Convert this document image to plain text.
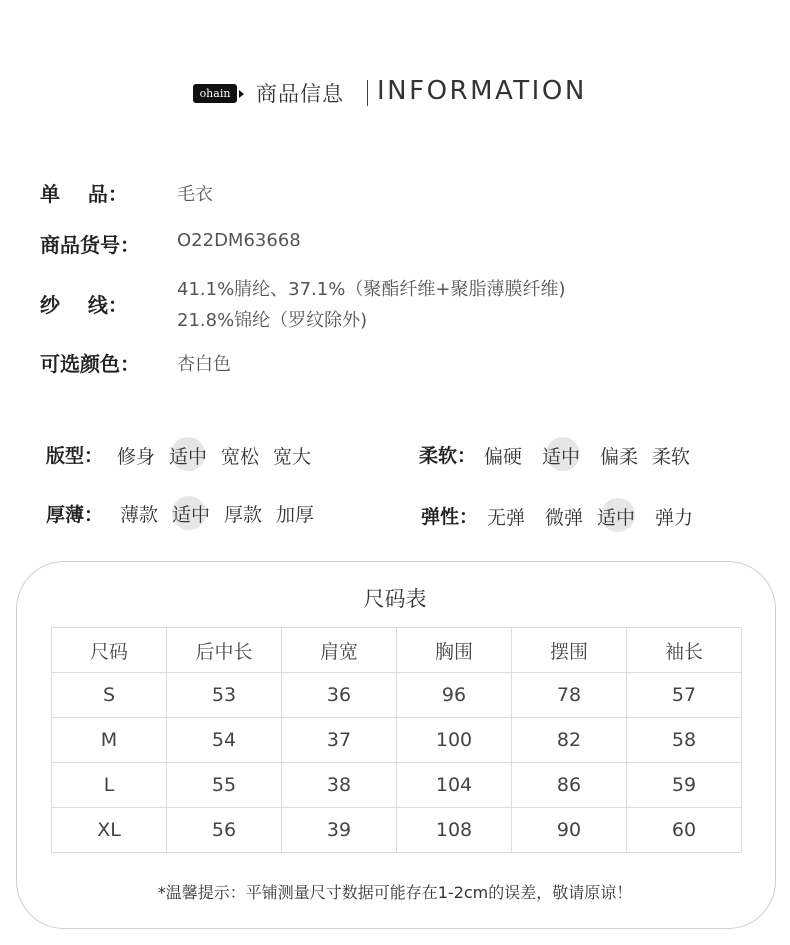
ohain	商品信息 INFORMATION
单    品：	毛衣
商品货号： O22DM63668
纱    线：
41.1%腈纶、37.1%（聚酯纤维+聚脂薄膜纤维)
21.8%锦纶（罗纹除外)
可选颜色： 杏白色
版型： 修身 适中 宽松 宽大	柔软： 偏硬 适中 偏柔 柔软
厚薄： 薄款 适中 厚款 加厚	弹性： 无弹 微弹 适中 弹力
尺码表
尺码	后中长	肩宽	胸围	摆围	袖长
S	53	36	96	78	57
M	54	37	100	82	58
L	55	38	104	86	59
XL	56	39	108	90	60
*温馨提示：平铺测量尺寸数据可能存在1-2cm的误差，敬请原谅！
